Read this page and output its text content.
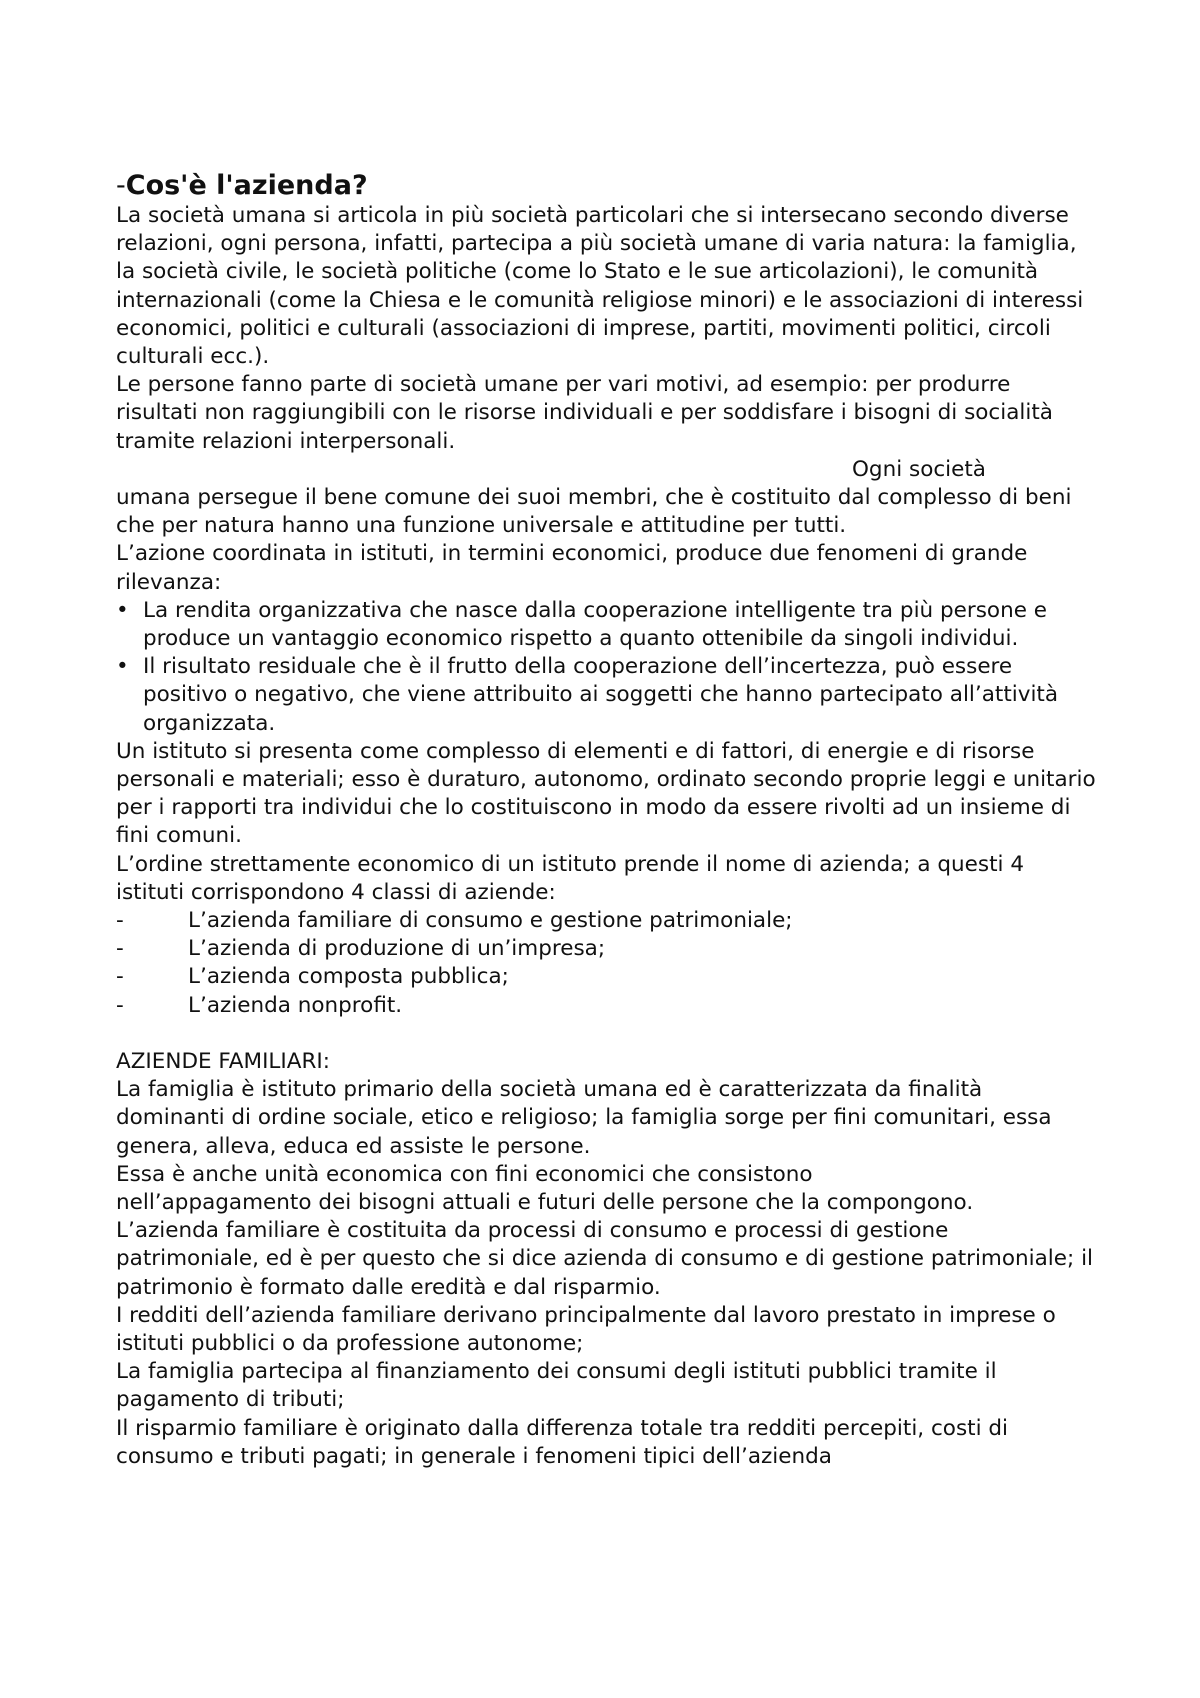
-Cos'è l'azienda?

La società umana si articola in più società particolari che si intersecano secondo diverse relazioni, ogni persona, infatti, partecipa a più società umane di varia natura: la famiglia, la società civile, le società politiche (come lo Stato e le sue articolazioni), le comunità internazionali (come la Chiesa e le comunità religiose minori) e le associazioni di interessi economici, politici e culturali (associazioni di imprese, partiti, movimenti politici, circoli culturali ecc.).

Le persone fanno parte di società umane per vari motivi, ad esempio: per produrre risultati non raggiungibili con le risorse individuali e per soddisfare i bisogni di socialità tramite relazioni interpersonali.

Ogni società

umana persegue il bene comune dei suoi membri, che è costituito dal complesso di beni che per natura hanno una funzione universale e attitudine per tutti.

L’azione coordinata in istituti, in termini economici, produce due fenomeni di grande rilevanza:

• La rendita organizzativa che nasce dalla cooperazione intelligente tra più persone e produce un vantaggio economico rispetto a quanto ottenibile da singoli individui.
• Il risultato residuale che è il frutto della cooperazione dell’incertezza, può essere positivo o negativo, che viene attribuito ai soggetti che hanno partecipato all’attività organizzata.

Un istituto si presenta come complesso di elementi e di fattori, di energie e di risorse personali e materiali; esso è duraturo, autonomo, ordinato secondo proprie leggi e unitario per i rapporti tra individui che lo costituiscono in modo da essere rivolti ad un insieme di fini comuni.

L’ordine strettamente economico di un istituto prende il nome di azienda; a questi 4 istituti corrispondono 4 classi di aziende:

-	L’azienda familiare di consumo e gestione patrimoniale;
-	L’azienda di produzione di un’impresa;
-	L’azienda composta pubblica;
-	L’azienda nonprofit.

AZIENDE FAMILIARI:

La famiglia è istituto primario della società umana ed è caratterizzata da finalità dominanti di ordine sociale, etico e religioso; la famiglia sorge per fini comunitari, essa genera, alleva, educa ed assiste le persone.

Essa è anche unità economica con fini economici che consistono
nell’appagamento dei bisogni attuali e futuri delle persone che la compongono.

L’azienda familiare è costituita da processi di consumo e processi di gestione patrimoniale, ed è per questo che si dice azienda di consumo e di gestione patrimoniale; il patrimonio è formato dalle eredità e dal risparmio.

I redditi dell’azienda familiare derivano principalmente dal lavoro prestato in imprese o istituti pubblici o da professione autonome;

La famiglia partecipa al finanziamento dei consumi degli istituti pubblici tramite il pagamento di tributi;

Il risparmio familiare è originato dalla differenza totale tra redditi percepiti, costi di consumo e tributi pagati; in generale i fenomeni tipici dell’azienda
